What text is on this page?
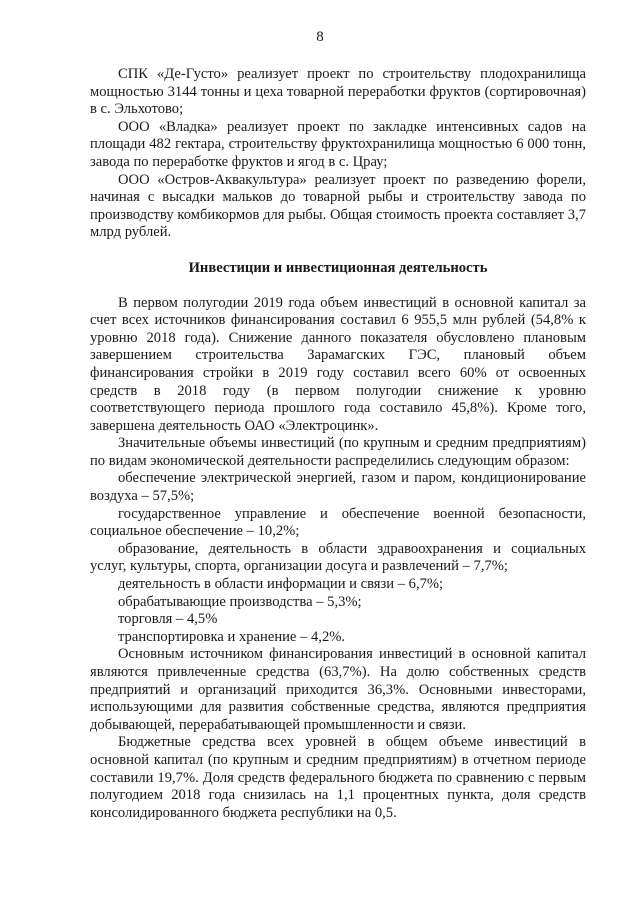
8

СПК «Де-Густо» реализует проект по строительству плодохранилища мощностью 3144 тонны и цеха товарной переработки фруктов (сортировочная) в с. Эльхотово;

ООО «Владка» реализует проект по закладке интенсивных садов на площади 482 гектара, строительству фруктохранилища мощностью 6 000 тонн, завода по переработке фруктов и ягод в с. Црау;

ООО «Остров-Аквакультура» реализует проект по разведению форели, начиная с высадки мальков до товарной рыбы и строительству завода по производству комбикормов для рыбы. Общая стоимость проекта составляет 3,7 млрд рублей.

Инвестиции и инвестиционная деятельность

В первом полугодии 2019 года объем инвестиций в основной капитал за счет всех источников финансирования составил 6 955,5 млн рублей (54,8% к уровню 2018 года). Снижение данного показателя обусловлено плановым завершением строительства Зарамагских ГЭС, плановый объем финансирования стройки в 2019 году составил всего 60% от освоенных средств в 2018 году (в первом полугодии снижение к уровню соответствующего периода прошлого года составило 45,8%). Кроме того, завершена деятельность ОАО «Электроцинк».

Значительные объемы инвестиций (по крупным и средним предприятиям) по видам экономической деятельности распределились следующим образом:

обеспечение электрической энергией, газом и паром, кондиционирование воздуха – 57,5%;

государственное управление и обеспечение военной безопасности, социальное обеспечение – 10,2%;

образование, деятельность в области здравоохранения и социальных услуг, культуры, спорта, организации досуга и развлечений – 7,7%;

деятельность в области информации и связи – 6,7%;

обрабатывающие производства – 5,3%;

торговля – 4,5%

транспортировка и хранение – 4,2%.

Основным источником финансирования инвестиций в основной капитал являются привлеченные средства (63,7%). На долю собственных средств предприятий и организаций приходится 36,3%. Основными инвесторами, использующими для развития собственные средства, являются предприятия добывающей, перерабатывающей промышленности и связи.

Бюджетные средства всех уровней в общем объеме инвестиций в основной капитал (по крупным и средним предприятиям) в отчетном периоде составили 19,7%. Доля средств федерального бюджета по сравнению с первым полугодием 2018 года снизилась на 1,1 процентных пункта, доля средств консолидированного бюджета республики на 0,5.
